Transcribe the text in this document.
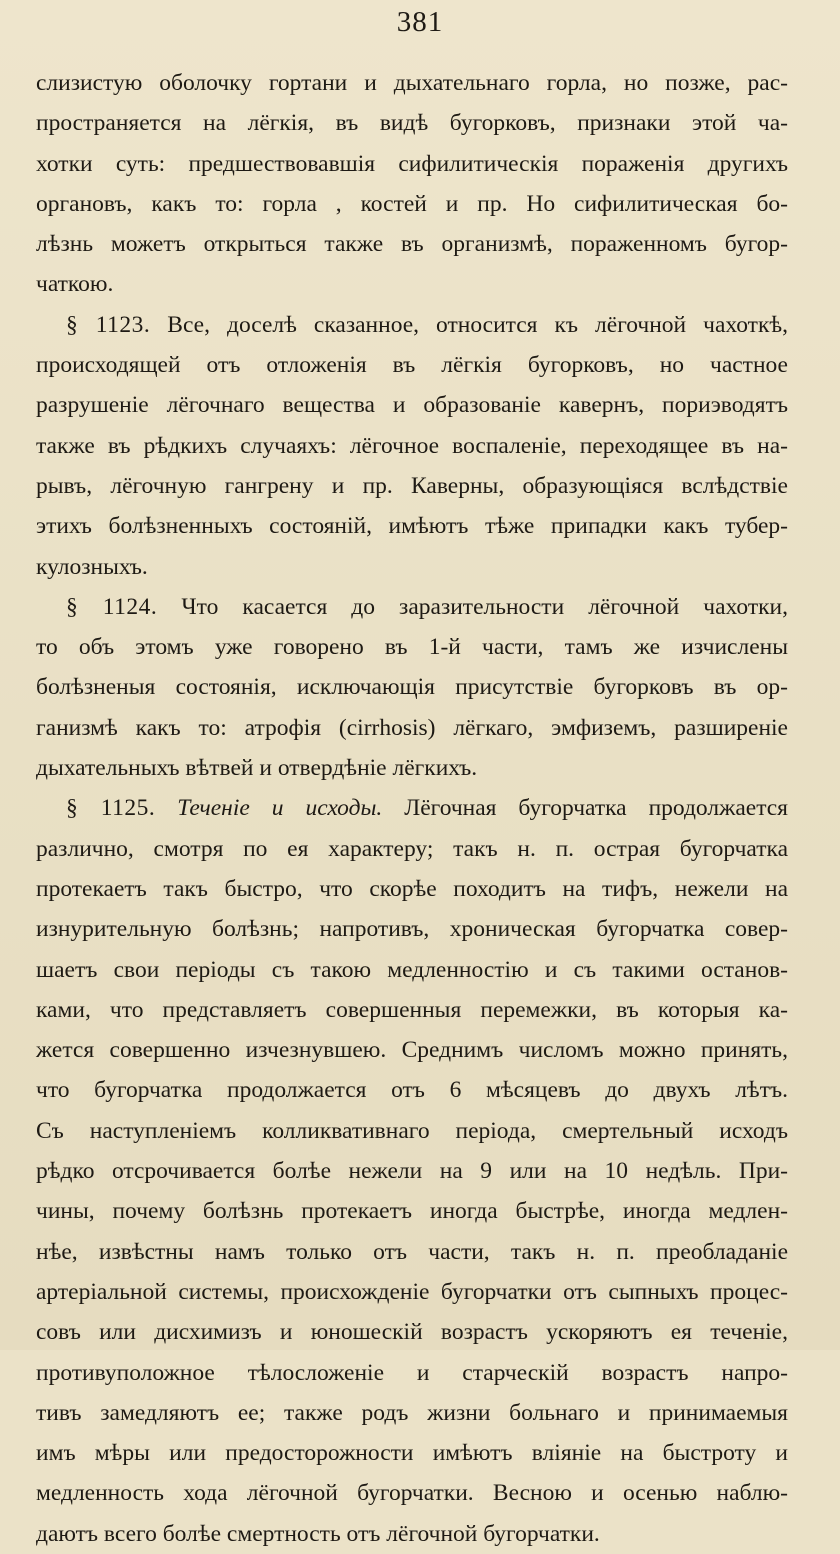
381
слизистую оболочку гортани и дыхательнаго горла, но позже, рас-
пространяется на лёгкія, въ видѣ бугорковъ, признаки этой ча-
хотки суть: предшествовавшія сифилитическія пораженія другихъ
органовъ, какъ то: горла , костей и пр. Но сифилитическая бо-
лѣзнь можетъ открыться также въ организмѣ, пораженномъ бугор-
чаткою.
§ 1123. Все, доселѣ сказанное, относится къ лёгочной чахоткѣ,
происходящей отъ отложенія въ лёгкія бугорковъ, но частное
разрушеніе лёгочнаго вещества и образованіе кавернъ, пориэводятъ
также въ рѣдкихъ случаяхъ: лёгочное воспаленіе, переходящее въ на-
рывъ, лёгочную гангрену и пр. Каверны, образующіяся вслѣдствіе
этихъ болѣзненныхъ состояній, имѣютъ тѣже припадки какъ тубер-
кулозныхъ.
§ 1124. Что касается до заразительности лёгочной чахотки,
то объ этомъ уже говорено въ 1-й части, тамъ же изчислены
болѣзненыя состоянія, исключающія присутствіе бугорковъ въ ор-
ганизмѣ какъ то: атрофія (cirrhosis) лёгкаго, эмфиземъ, разширеніе
дыхательныхъ вѣтвей и отвердѣніе лёгкихъ.
§ 1125. Теченіе и исходы. Лёгочная бугорчатка продолжается
различно, смотря по ея характеру; такъ н. п. острая бугорчатка
протекаетъ такъ быстро, что скорѣе походитъ на тифъ, нежели на
изнурительную болѣзнь; напротивъ, хроническая бугорчатка совер-
шаетъ свои періоды съ такою медленностію и съ такими останов-
ками, что представляетъ совершенныя перемежки, въ которыя ка-
жется совершенно изчезнувшею. Среднимъ числомъ можно принять,
что бугорчатка продолжается отъ 6 мѣсяцевъ до двухъ лѣтъ.
Съ наступленіемъ колликвативнаго періода, смертельный исходъ
рѣдко отсрочивается болѣе нежели на 9 или на 10 недѣль. При-
чины, почему болѣзнь протекаетъ иногда быстрѣе, иногда медлен-
нѣе, извѣстны намъ только отъ части, такъ н. п. преобладаніе
артеріальной системы, происхожденіе бугорчатки отъ сыпныхъ процес-
совъ или дисхимизъ и юношескій возрастъ ускоряютъ ея теченіе,
противуположное тѣлосложеніе и старческій возрастъ напро-
тивъ замедляютъ ее; также родъ жизни больнаго и принимаемыя
имъ мѣры или предосторожности имѣютъ вліяніе на быстроту и
медленность хода лёгочной бугорчатки. Весною и осенью наблю-
даютъ всего болѣе смертность отъ лёгочной бугорчатки.
